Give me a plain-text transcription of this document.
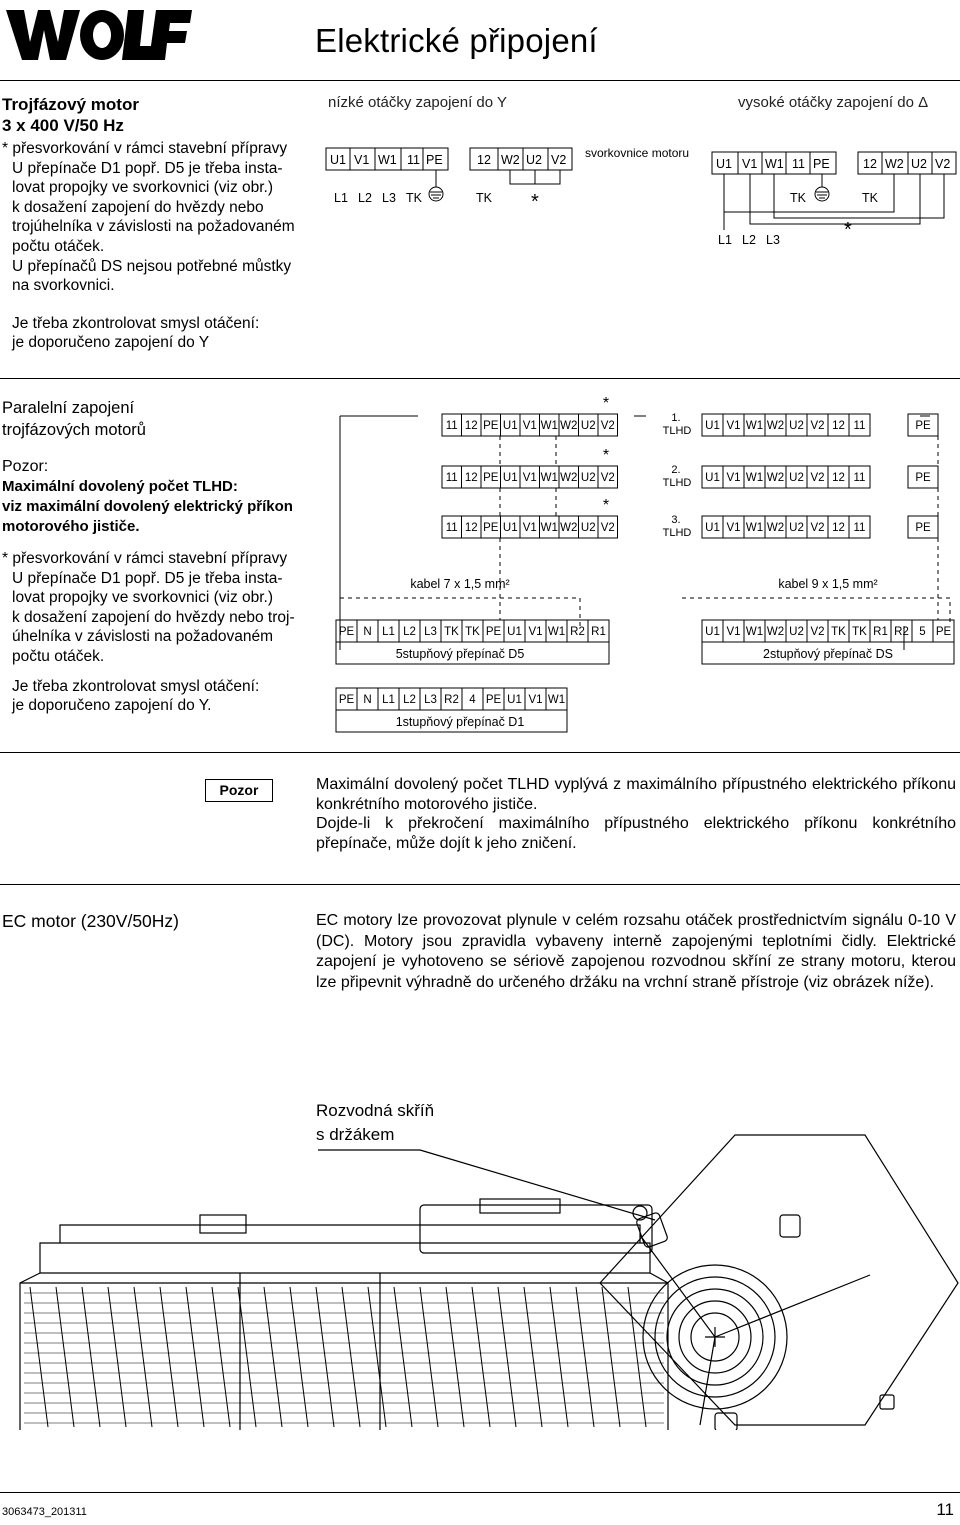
Elektrické připojení
Trojfázový motor
3 x 400 V/50 Hz
* přesvorkování v rámci stavební přípravy
U přepínače D1 popř. D5 je třeba insta-
lovat propojky ve svorkovnici (viz obr.)
k dosažení zapojení do hvězdy nebo
trojúhelníka v závislosti na požadovaném
počtu otáček.
U přepínačů DS nejsou potřebné můstky
na svorkovnici.
Je třeba zkontrolovat smysl otáčení:
je doporučeno zapojení do Y
nízké otáčky zapojení do Y	vysoké otáčky zapojení do Δ
svorkovnice motoru
U1 V1 W1 11 PE	12 W2 U2 V2
L1 L2 L3 TK	TK *
U1 V1 W1 11 PE	12 W2 U2 V2
TK	TK
L1 L2 L3	*
Paralelní zapojení
trojfázových motorů
Pozor:
Maximální dovolený počet TLHD:
viz maximální dovolený elektrický příkon
motorového jističe.
* přesvorkování v rámci stavební přípravy
U přepínače D1 popř. D5 je třeba insta-
lovat propojky ve svorkovnici (viz obr.)
k dosažení zapojení do hvězdy nebo troj-
úhelníka v závislosti na požadovaném
počtu otáček.
Je třeba zkontrolovat smysl otáčení:
je doporučeno zapojení do Y.
11 12 PE U1 V1 W1 W2 U2 V2
*
1.
TLHD U1 V1 W1 W2 U2 V2 12 11	PE
11 12 PE U1 V1 W1 W2 U2 V2
*
2.
TLHD U1 V1 W1 W2 U2 V2 12 11	PE
11 12 PE U1 V1 W1 W2 U2 V2
*
3.
TLHD U1 V1 W1 W2 U2 V2 12 11	PE
kabel 7 x 1,5 mm²	kabel 9 x 1,5 mm²
PE N L1 L2 L3 TK TK PE U1 V1 W1 R2 R1
5stupňový přepínač D5
U1 V1 W1 W2 U2 V2 TK TK R1 R2 5 PE
2stupňový přepínač DS
PE N L1 L2 L3 R2 4 PE U1 V1 W1
1stupňový přepínač D1
Pozor	Maximální dovolený počet TLHD vyplývá z maximálního přípustného elektrického příkonu konkrétního motorového jističe.

Dojde-li k překročení maximálního přípustného elektrického příkonu konkrétního přepínače, může dojít k jeho zničení.

EC motor (230V/50Hz)	EC motory lze provozovat plynule v celém rozsahu otáček prostřednictvím signálu 0-10 V (DC). Motory jsou zpravidla vybaveny interně zapojenými teplotními čidly. Elektrické zapojení je vyhotoveno se sériově zapojenou rozvodnou skříní ze strany motoru, kterou lze připevnit výhradně do určeného držáku na vrchní straně přístroje (viz obrázek níže).
Rozvodná skříň
s držákem
3063473_201311	11
